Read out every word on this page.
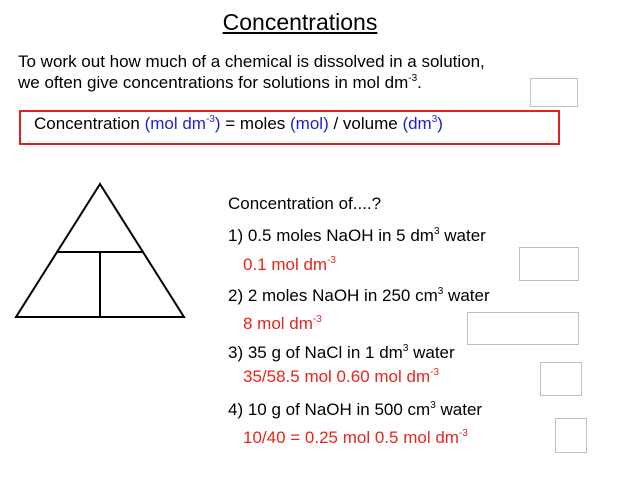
Concentrations
To work out how much of a chemical is dissolved in a solution,
we often give concentrations for solutions in mol $dm^{-3}$.
Concentration (mol $dm^{-3}$) = moles (mol) / volume $(dm^3)$
Concentration of....?
1) 0.5 moles NaOH in 5 $dm^3$ water
0.1 mol $dm^{-3}$
2) 2 moles NaOH in 250 $cm^3$ water
8 mol $dm^{-3}$
3) 35 g of NaCl in 1 $dm^3$ water
35/58.5 mol 0.60 mol $dm^{-3}$
4) 10 g of NaOH in 500 $cm^3$ water
10/40 = 0.25 mol 0.5 mol $dm^{-3}$
